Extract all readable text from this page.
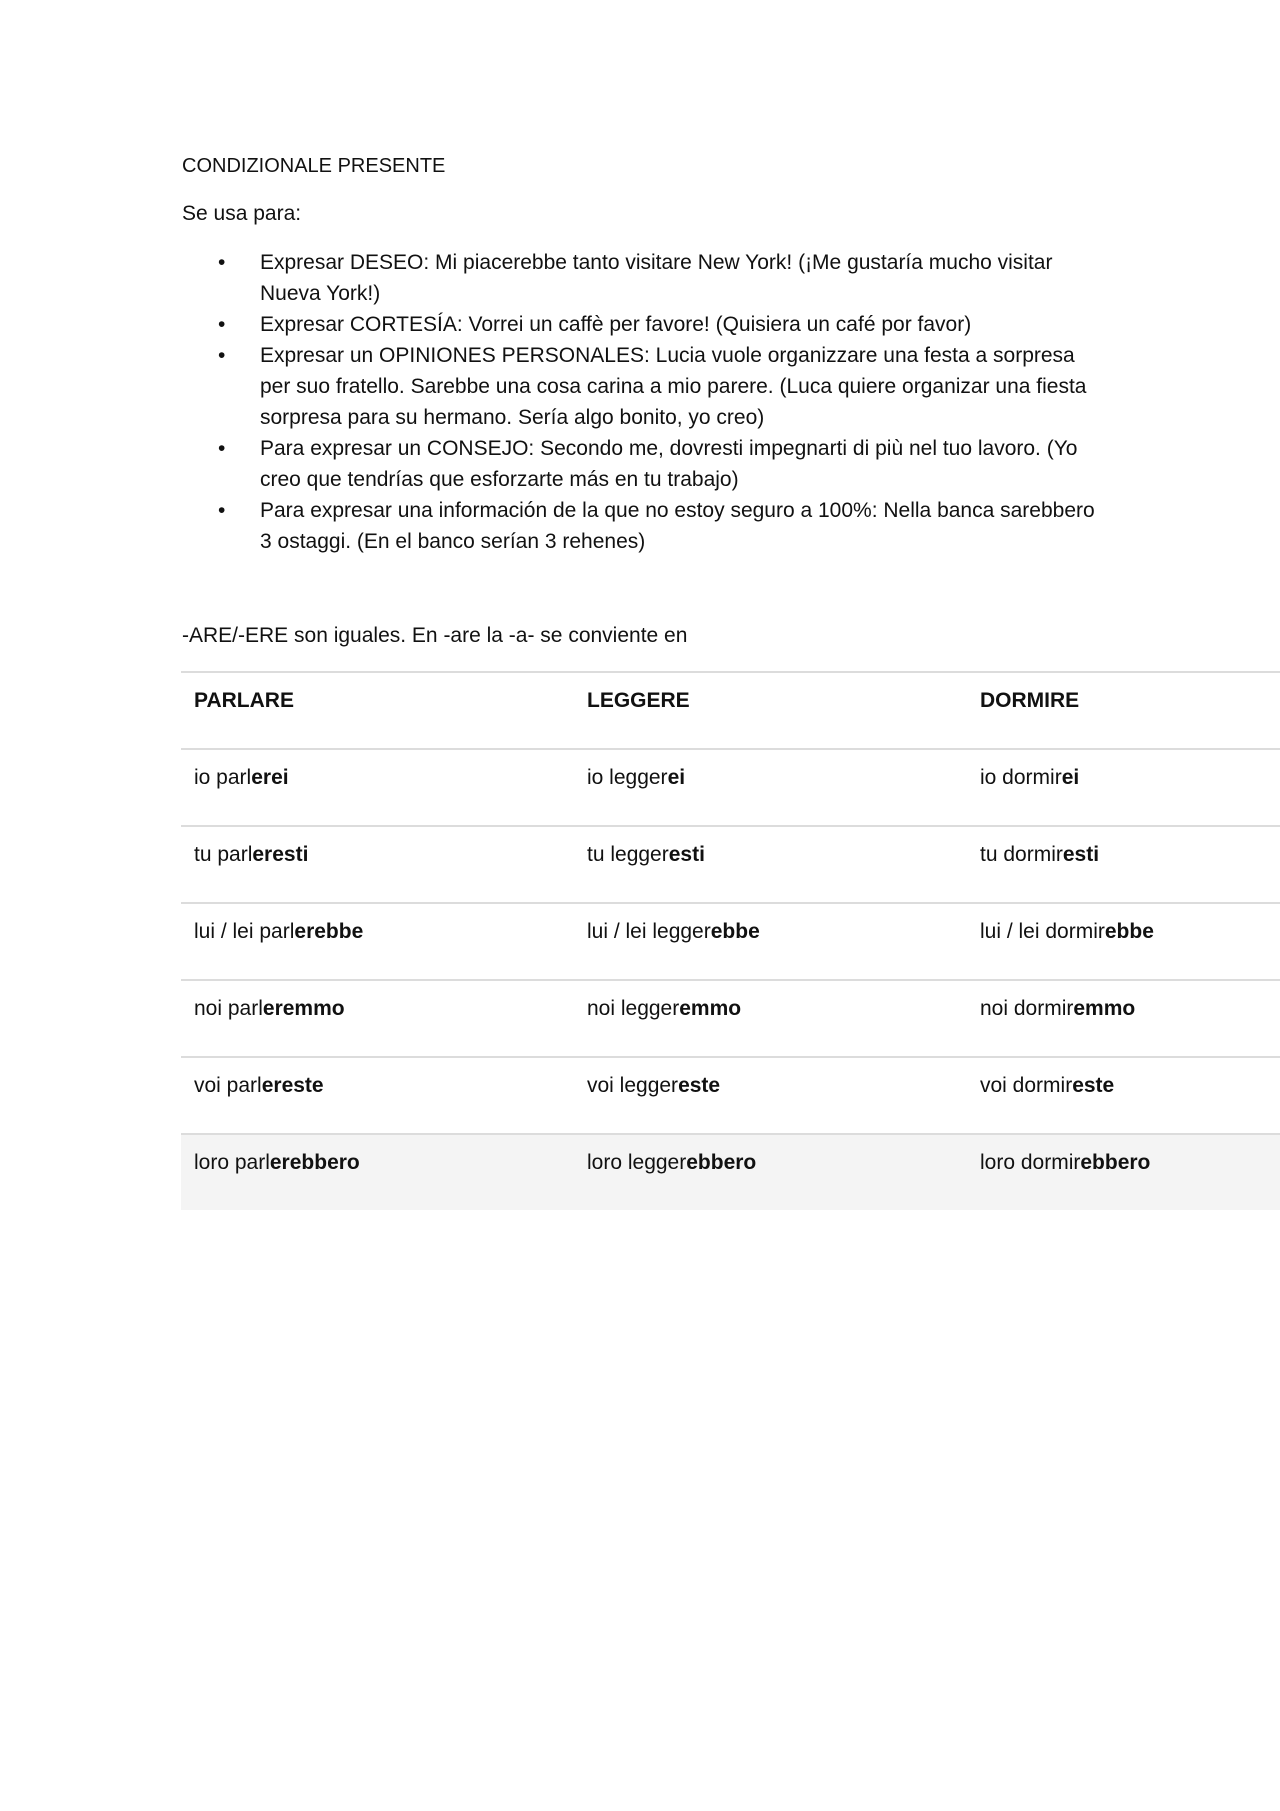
CONDIZIONALE PRESENTE
Se usa para:
• Expresar DESEO: Mi piacerebbe tanto visitare New York! (¡Me gustaría mucho visitar Nueva York!)
• Expresar CORTESÍA: Vorrei un caffè per favore! (Quisiera un café por favor)
• Expresar un OPINIONES PERSONALES: Lucia vuole organizzare una festa a sorpresa per suo fratello. Sarebbe una cosa carina a mio parere. (Luca quiere organizar una fiesta sorpresa para su hermano. Sería algo bonito, yo creo)
• Para expresar un CONSEJO: Secondo me, dovresti impegnarti di più nel tuo lavoro. (Yo creo que tendrías que esforzarte más en tu trabajo)
• Para expresar una información de la que no estoy seguro a 100%: Nella banca sarebbero 3 ostaggi. (En el banco serían 3 rehenes)
-ARE/-ERE son iguales. En -are la -a- se conviente en
PARLARE	LEGGERE	DORMIRE
io parlerei	io leggerei	io dormirei
tu parleresti	tu leggeresti	tu dormiresti
lui / lei parlerebbe	lui / lei leggerebbe	lui / lei dormirebbe
noi parleremmo	noi leggeremmo	noi dormiremmo
voi parlereste	voi leggereste	voi dormireste
loro parlerebbero	loro leggerebbero	loro dormirebbero
